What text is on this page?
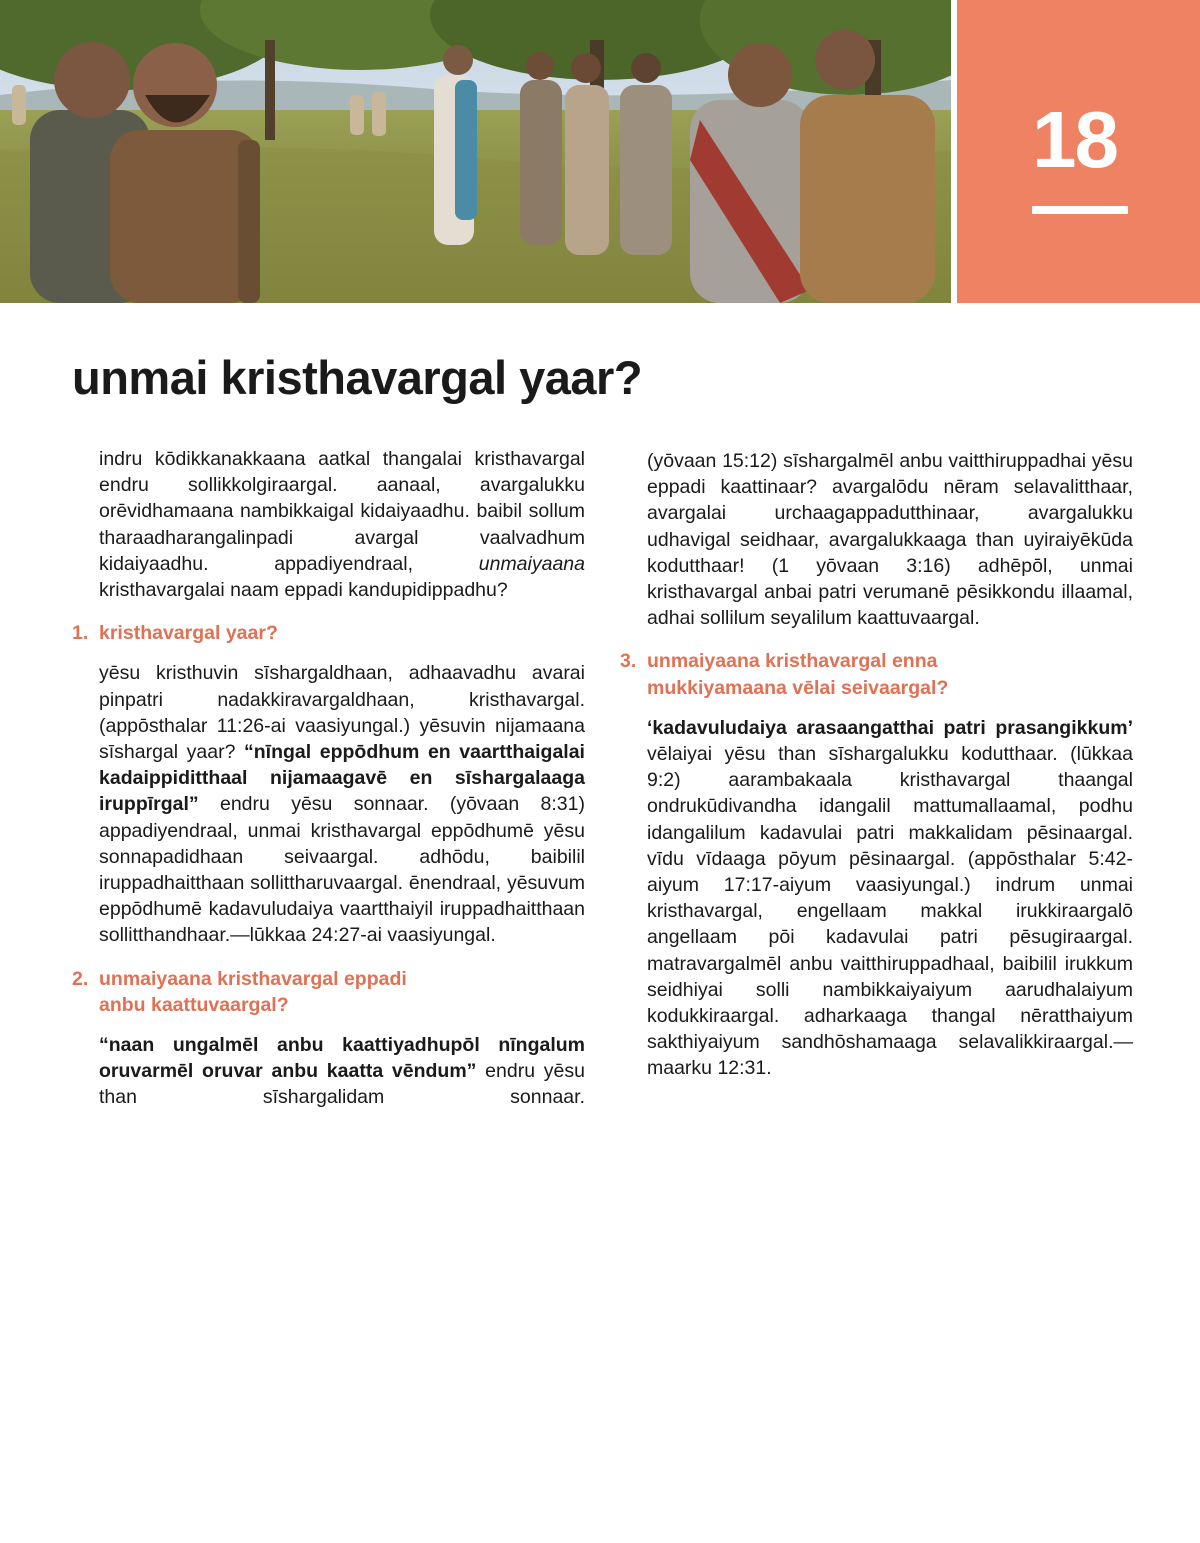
18
unmai kristhavargal yaar?

indru kōdikkanakkaana aatkal thangalai kristhavargal endru sollikkolgiraargal. aanaal, avargalukku orēvidhamaana nambikkaigal kidaiyaadhu. baibil sollum tharaadharangalinpadi avargal vaalvadhum kidaiyaadhu. appadiyendraal, unmaiyaana kristhavargalai naam eppadi kandupidippadhu?

1. kristhavargal yaar?

yēsu kristhuvin sīshargaldhaan, adhaavadhu avarai pinpatri nadakkiravargaldhaan, kristhavargal. (appōsthalar 11:26-ai vaasiyungal.) yēsuvin nijamaana sīshargal yaar? “nīngal eppōdhum en vaartthaigalai kadaippiditthaal nijamaagavē en sīshargalaaga iruppīrgal” endru yēsu sonnaar. (yōvaan 8:31) appadiyendraal, unmai kristhavargal eppōdhumē yēsu sonnapadidhaan seivaargal. adhōdu, baibilil iruppadhaitthaan sollittharuvaargal. ēnendraal, yēsuvum eppōdhumē kadavuludaiya vaartthaiyil iruppadhaitthaan sollitthandhaar.—lūkkaa 24:27-ai vaasiyungal.

2. unmaiyaana kristhavargal eppadi
anbu kaattuvaargal?

“naan ungalmēl anbu kaattiyadhupōl nīngalum oruvarmēl oruvar anbu kaatta vēndum” endru yēsu than sīshargalidam sonnaar.

(yōvaan 15:12) sīshargalmēl anbu vaitthiruppadhai yēsu eppadi kaattinaar? avargalōdu nēram selavalitthaar, avargalai urchaagappadutthinaar, avargalukku udhavigal seidhaar, avargalukkaaga than uyiraiyēkūda kodutthaar! (1 yōvaan 3:16) adhēpōl, unmai kristhavargal anbai patri verumanē pēsikkondu illaamal, adhai sollilum seyalilum kaattuvaargal.

3. unmaiyaana kristhavargal enna
mukkiyamaana vēlai seivaargal?

‘kadavuludaiya arasaangatthai patri prasangikkum’ vēlaiyai yēsu than sīshargalukku kodutthaar. (lūkkaa 9:2) aarambakaala kristhavargal thaangal ondrukūdivandha idangalil mattumallaamal, podhu idangalilum kadavulai patri makkalidam pēsinaargal. vīdu vīdaaga pōyum pēsinaargal. (appōsthalar 5:42-aiyum 17:17-aiyum vaasiyungal.) indrum unmai kristhavargal, engellaam makkal irukkiraargalō angellaam pōi kadavulai patri pēsugiraargal. matravargalmēl anbu vaitthiruppadhaal, baibilil irukkum seidhiyai solli nambikkaiyaiyum aarudhalaiyum kodukkiraargal. adharkaaga thangal nēratthaiyum sakthiyaiyum sandhōshamaaga selavalikkiraargal.—maarku 12:31.
